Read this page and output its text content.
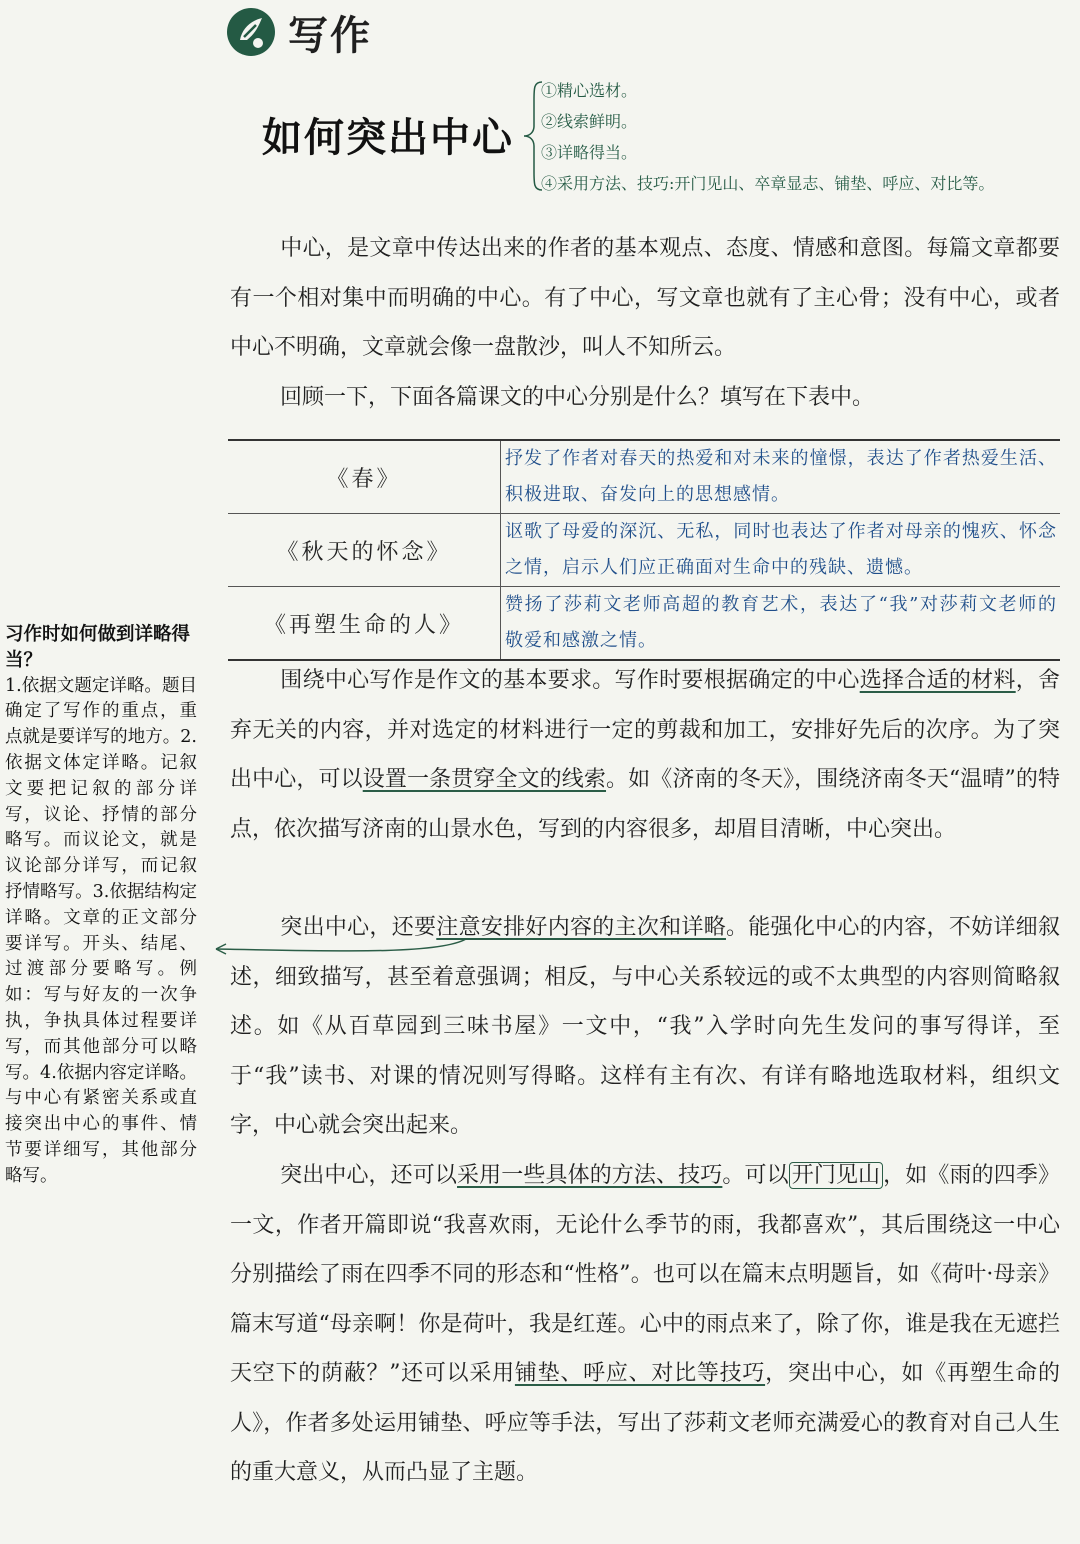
写作
如何突出中心
①精心选材。
②线索鲜明。
③详略得当。
④采用方法、技巧:开门见山、卒章显志、铺垫、呼应、对比等。

中心，是文章中传达出来的作者的基本观点、态度、情感和意图。每篇文章都要有一个相对集中而明确的中心。有了中心，写文章也就有了主心骨；没有中心，或者中心不明确，文章就会像一盘散沙，叫人不知所云。

回顾一下，下面各篇课文的中心分别是什么？填写在下表中。

《春》	抒发了作者对春天的热爱和对未来的憧憬，表达了作者热爱生活、积极进取、奋发向上的思想感情。
《秋天的怀念》	讴歌了母爱的深沉、无私，同时也表达了作者对母亲的愧疚、怀念之情，启示人们应正确面对生命中的残缺、遗憾。
《再塑生命的人》	赞扬了莎莉文老师高超的教育艺术，表达了“我”对莎莉文老师的敬爱和感激之情。

围绕中心写作是作文的基本要求。写作时要根据确定的中心选择合适的材料，舍弃无关的内容，并对选定的材料进行一定的剪裁和加工，安排好先后的次序。为了突出中心，可以设置一条贯穿全文的线索。如《济南的冬天》，围绕济南冬天“温晴”的特点，依次描写济南的山景水色，写到的内容很多，却眉目清晰，中心突出。

突出中心，还要注意安排好内容的主次和详略。能强化中心的内容，不妨详细叙述，细致描写，甚至着意强调；相反，与中心关系较远的或不太典型的内容则简略叙述。如《从百草园到三味书屋》一文中，“我”入学时向先生发问的事写得详，至于“我”读书、对课的情况则写得略。这样有主有次、有详有略地选取材料，组织文字，中心就会突出起来。

突出中心，还可以采用一些具体的方法、技巧。可以 开门见山 ，如《雨的四季》一文，作者开篇即说“我喜欢雨，无论什么季节的雨，我都喜欢”，其后围绕这一中心分别描绘了雨在四季不同的形态和“性格”。也可以在篇末点明题旨，如《荷叶·母亲》篇末写道“母亲啊！你是荷叶，我是红莲。心中的雨点来了，除了你，谁是我在无遮拦天空下的荫蔽？”还可以采用铺垫、呼应、对比等技巧，突出中心，如《再塑生命的人》，作者多处运用铺垫、呼应等手法，写出了莎莉文老师充满爱心的教育对自己人生的重大意义，从而凸显了主题。

习作时如何做到详略得当？

1.依据文题定详略。题目确定了写作的重点，重点就是要详写的地方。2.依据文体定详略。记叙文要把记叙的部分详写，议论、抒情的部分略写。而议论文，就是议论部分详写，而记叙抒情略写。3.依据结构定详略。文章的正文部分要详写。开头、结尾、过渡部分要略写。例如：写与好友的一次争执，争执具体过程要详写，而其他部分可以略写。4.依据内容定详略。与中心有紧密关系或直接突出中心的事件、情节要详细写，其他部分略写。
